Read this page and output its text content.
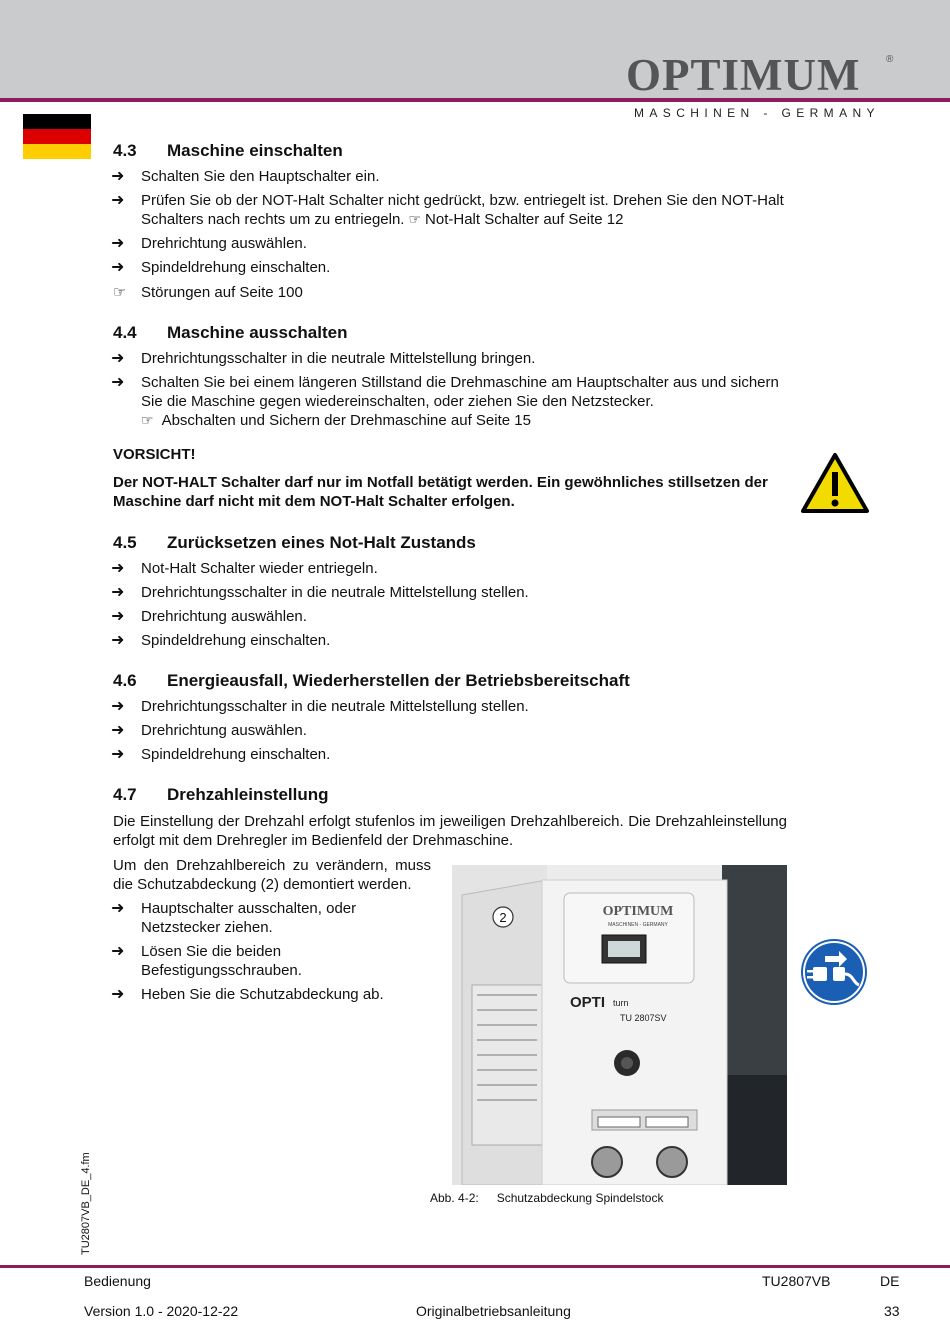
OPTIMUM	®
MASCHINEN - GERMANY
4.3 Maschine einschalten
➜ Schalten Sie den Hauptschalter ein.
➜ Prüfen Sie ob der NOT-Halt Schalter nicht gedrückt, bzw. entriegelt ist. Drehen Sie den NOT-Halt Schalters nach rechts um zu entriegeln. ☞ Not-Halt Schalter auf Seite 12
➜ Drehrichtung auswählen.
➜ Spindeldrehung einschalten.
☞ Störungen auf Seite 100
4.4 Maschine ausschalten
➜ Drehrichtungsschalter in die neutrale Mittelstellung bringen.
➜ Schalten Sie bei einem längeren Stillstand die Drehmaschine am Hauptschalter aus und sichern Sie die Maschine gegen wiedereinschalten, oder ziehen Sie den Netzstecker.
☞ Abschalten und Sichern der Drehmaschine auf Seite 15
VORSICHT!
Der NOT-HALT Schalter darf nur im Notfall betätigt werden. Ein gewöhnliches stillsetzen der Maschine darf nicht mit dem NOT-Halt Schalter erfolgen.
4.5 Zurücksetzen eines Not-Halt Zustands
➜ Not-Halt Schalter wieder entriegeln.
➜ Drehrichtungsschalter in die neutrale Mittelstellung stellen.
➜ Drehrichtung auswählen.
➜ Spindeldrehung einschalten.
4.6 Energieausfall, Wiederherstellen der Betriebsbereitschaft
➜ Drehrichtungsschalter in die neutrale Mittelstellung stellen.
➜ Drehrichtung auswählen.
➜ Spindeldrehung einschalten.
4.7 Drehzahleinstellung
Die Einstellung der Drehzahl erfolgt stufenlos im jeweiligen Drehzahlbereich. Die Drehzahleinstellung erfolgt mit dem Drehregler im Bedienfeld der Drehmaschine.
Um den Drehzahlbereich zu verändern, muss die Schutzabdeckung (2) demontiert werden.
➜ Hauptschalter ausschalten, oder Netzstecker ziehen.
➜ Lösen Sie die beiden Befestigungsschrauben.
➜ Heben Sie die Schutzabdeckung ab.
2	OPTIMUM
MASCHINEN - GERMANY
OPTI turn
TU 2807SV
Abb. 4-2: Schutzabdeckung Spindelstock
TU2807VB_DE_4.fm
Bedienung	TU2807VB	DE
Version 1.0 - 2020-12-22	Originalbetriebsanleitung	33
